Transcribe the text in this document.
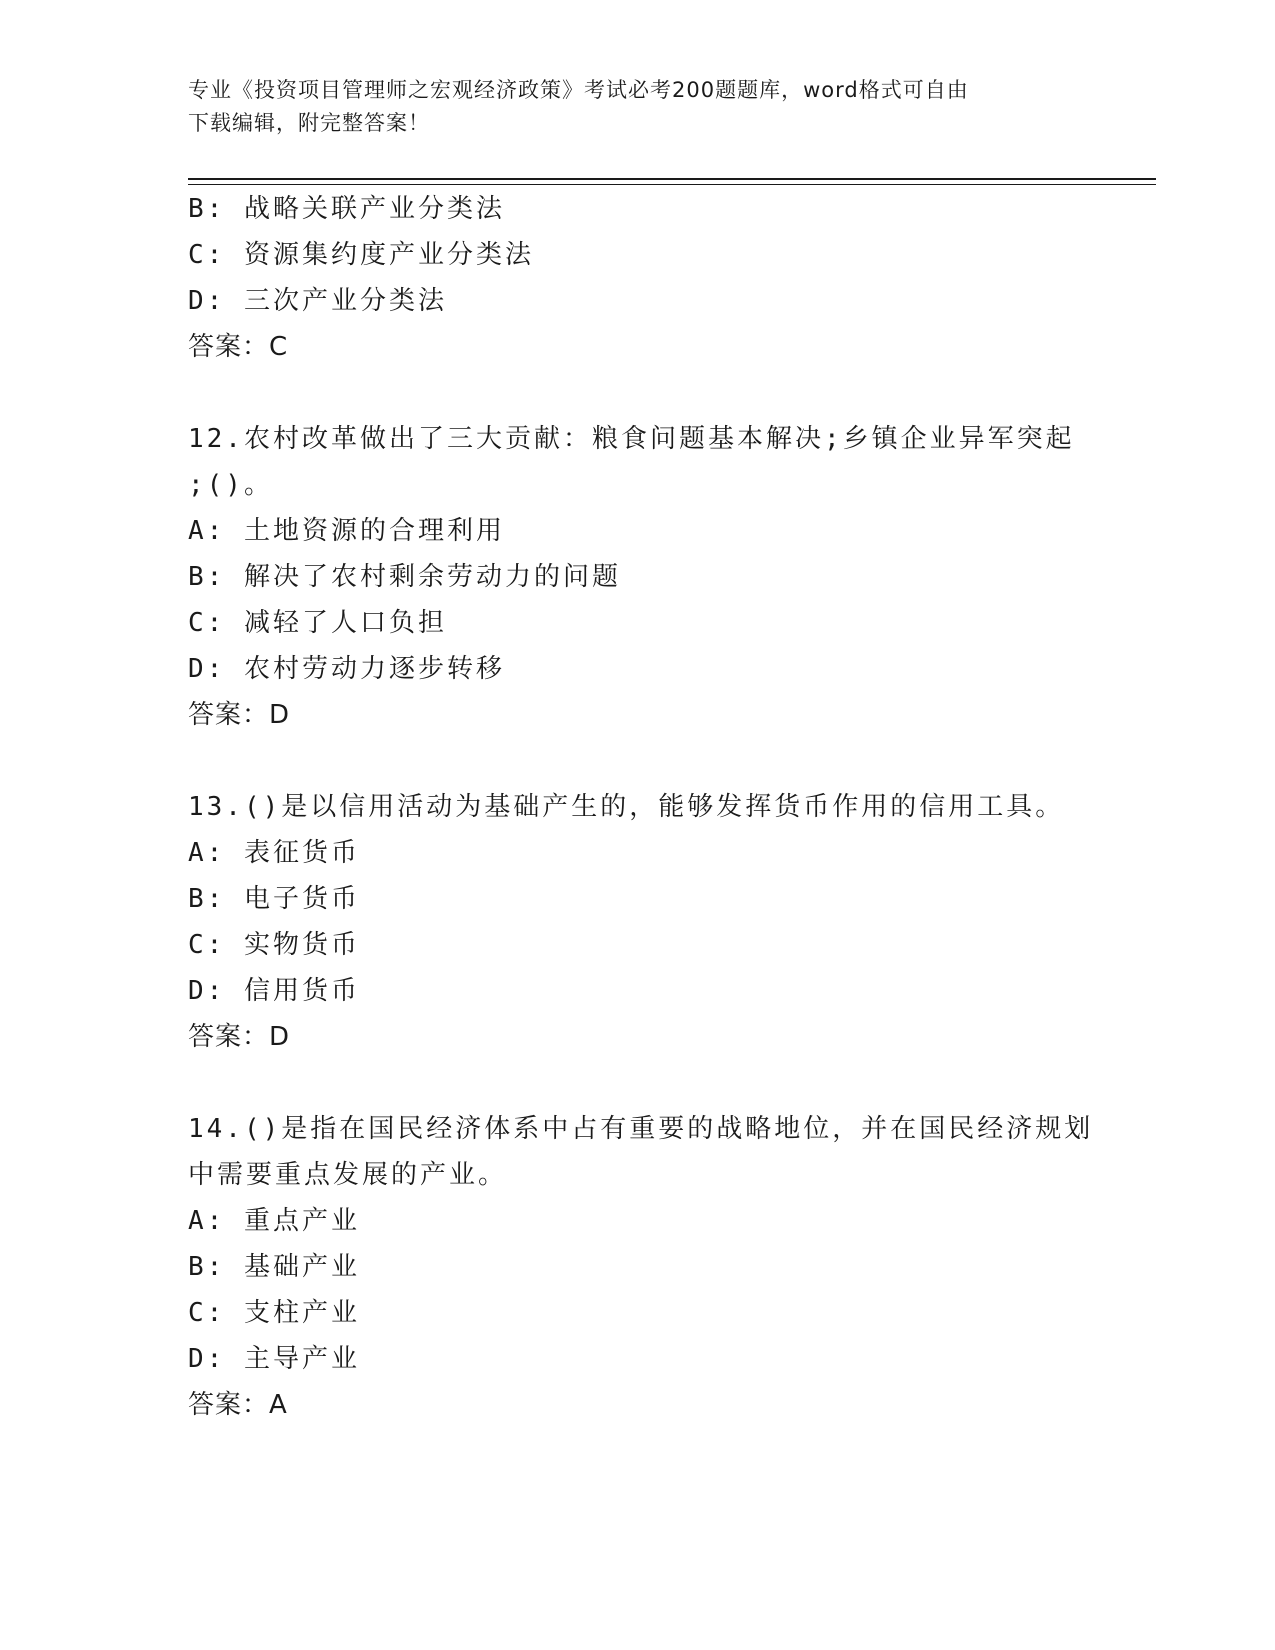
专业《投资项目管理师之宏观经济政策》考试必考200题题库，word格式可自由
下载编辑，附完整答案！
B: 战略关联产业分类法
C: 资源集约度产业分类法
D: 三次产业分类法
答案：C
12.农村改革做出了三大贡献：粮食问题基本解决;乡镇企业异军突起
;()。
A: 土地资源的合理利用
B: 解决了农村剩余劳动力的问题
C: 减轻了人口负担
D: 农村劳动力逐步转移
答案：D
13.()是以信用活动为基础产生的，能够发挥货币作用的信用工具。
A: 表征货币
B: 电子货币
C: 实物货币
D: 信用货币
答案：D
14.()是指在国民经济体系中占有重要的战略地位，并在国民经济规划
中需要重点发展的产业。
A: 重点产业
B: 基础产业
C: 支柱产业
D: 主导产业
答案：A
